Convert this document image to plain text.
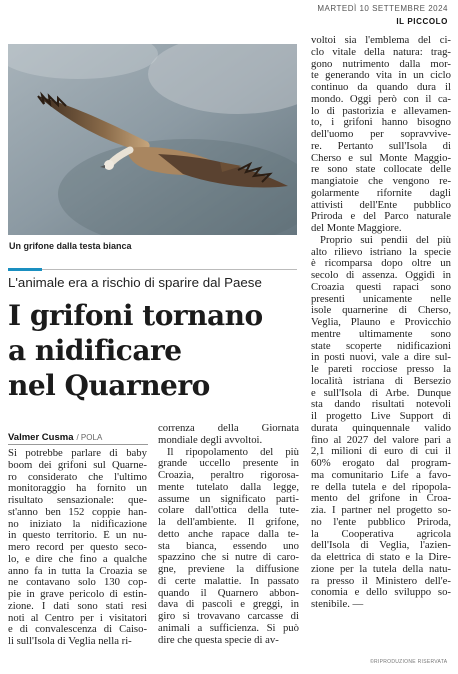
MARTEDÌ 10 SETTEMBRE 2024
IL PICCOLO
Un grifone dalla testa bianca
L'animale era a rischio di sparire dal Paese
I grifoni tornano
a nidificare
nel Quarnero
Valmer Cusma / POLA
Si potrebbe parlare di baby
boom dei grifoni sul Quarne-
ro considerato che l'ultimo
monitoraggio ha fornito un
risultato sensazionale: que-
st'anno ben 152 coppie han-
no iniziato la nidificazione
in questo territorio. È un nu-
mero record per questo seco-
lo, e dire che fino a qualche
anno fa in tutta la Croazia se
ne contavano solo 130 cop-
pie in grave pericolo di estin-
zione. I dati sono stati resi
noti al Centro per i visitatori
e di convalescenza di Caiso-
li sull'Isola di Veglia nella ri-
correnza della Giornata
mondiale degli avvoltoi.
Il ripopolamento del più
grande uccello presente in
Croazia, peraltro rigorosa-
mente tutelato dalla legge,
assume un significato parti-
colare dall'ottica della tute-
la dell'ambiente. Il grifone,
detto anche rapace dalla te-
sta bianca, essendo uno
spazzino che si nutre di caro-
gne, previene la diffusione
di certe malattie. In passato
quando il Quarnero abbon-
dava di pascoli e greggi, in
giro si trovavano carcasse di
animali a sufficienza. Si può
dire che questa specie di av-
voltoi sia l'emblema del ci-
clo vitale della natura: trag-
gono nutrimento dalla mor-
te generando vita in un ciclo
continuo da quando dura il
mondo. Oggi però con il ca-
lo di pastorizia e allevamen-
to, i grifoni hanno bisogno
dell'uomo per sopravvive-
re. Pertanto sull'Isola di
Cherso e sul Monte Maggio-
re sono state collocate delle
mangiatoie che vengono re-
golarmente rifornite dagli
attivisti dell'Ente pubblico
Priroda e del Parco naturale
del Monte Maggiore.
Proprio sui pendii del più
alto rilievo istriano la specie
è ricomparsa dopo oltre un
secolo di assenza. Oggidì in
Croazia questi rapaci sono
presenti unicamente nelle
isole quarnerine di Cherso,
Veglia, Plauno e Provicchio
mentre ultimamente sono
state scoperte nidificazioni
in posti nuovi, vale a dire sul-
le pareti rocciose presso la
località istriana di Bersezio
e sull'Isola di Arbe. Dunque
sta dando risultati notevoli
il progetto Live Support di
durata quinquennale valido
fino al 2027 del valore pari a
2,1 milioni di euro di cui il
60% erogato dal program-
ma comunitario Life a favo-
re della tutela e del ripopola-
mento del grifone in Croa-
zia. I partner nel progetto so-
no l'ente pubblico Priroda,
la Cooperativa agricola
dell'Isola di Veglia, l'azien-
da elettrica di stato e la Dire-
zione per la tutela della natu-
ra presso il Ministero dell'e-
conomia e dello sviluppo so-
stenibile. —
©RIPRODUZIONE RISERVATA
